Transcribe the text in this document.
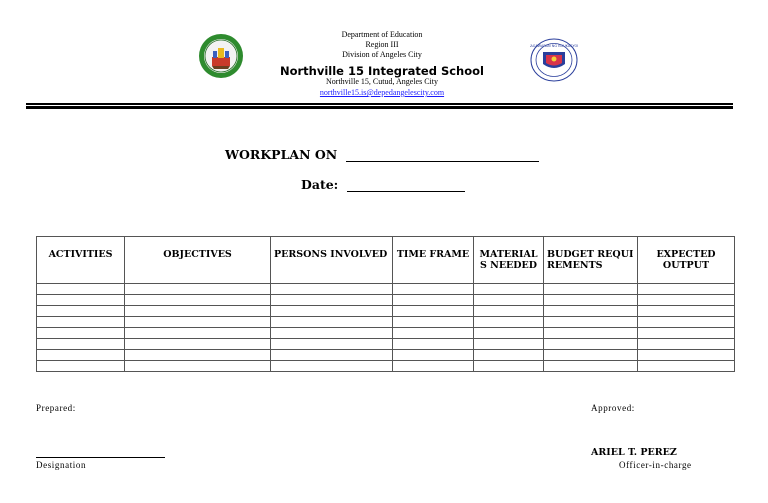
KAGAWARAN NG EDUKASYON
Department of Education
Region III
Division of Angeles City
Northville 15 Integrated School
Northville 15, Cutud, Angeles City
northville15.is@depedangelescity.com
WORKPLAN ON
Date:
ACTIVITIES	OBJECTIVES	PERSONS INVOLVED	TIME FRAME	MATERIALS NEEDED	BUDGET REQUIREMENTS	EXPECTED OUTPUT

Prepared:
Designation
Approved:
ARIEL T. PEREZ
Officer-in-charge
